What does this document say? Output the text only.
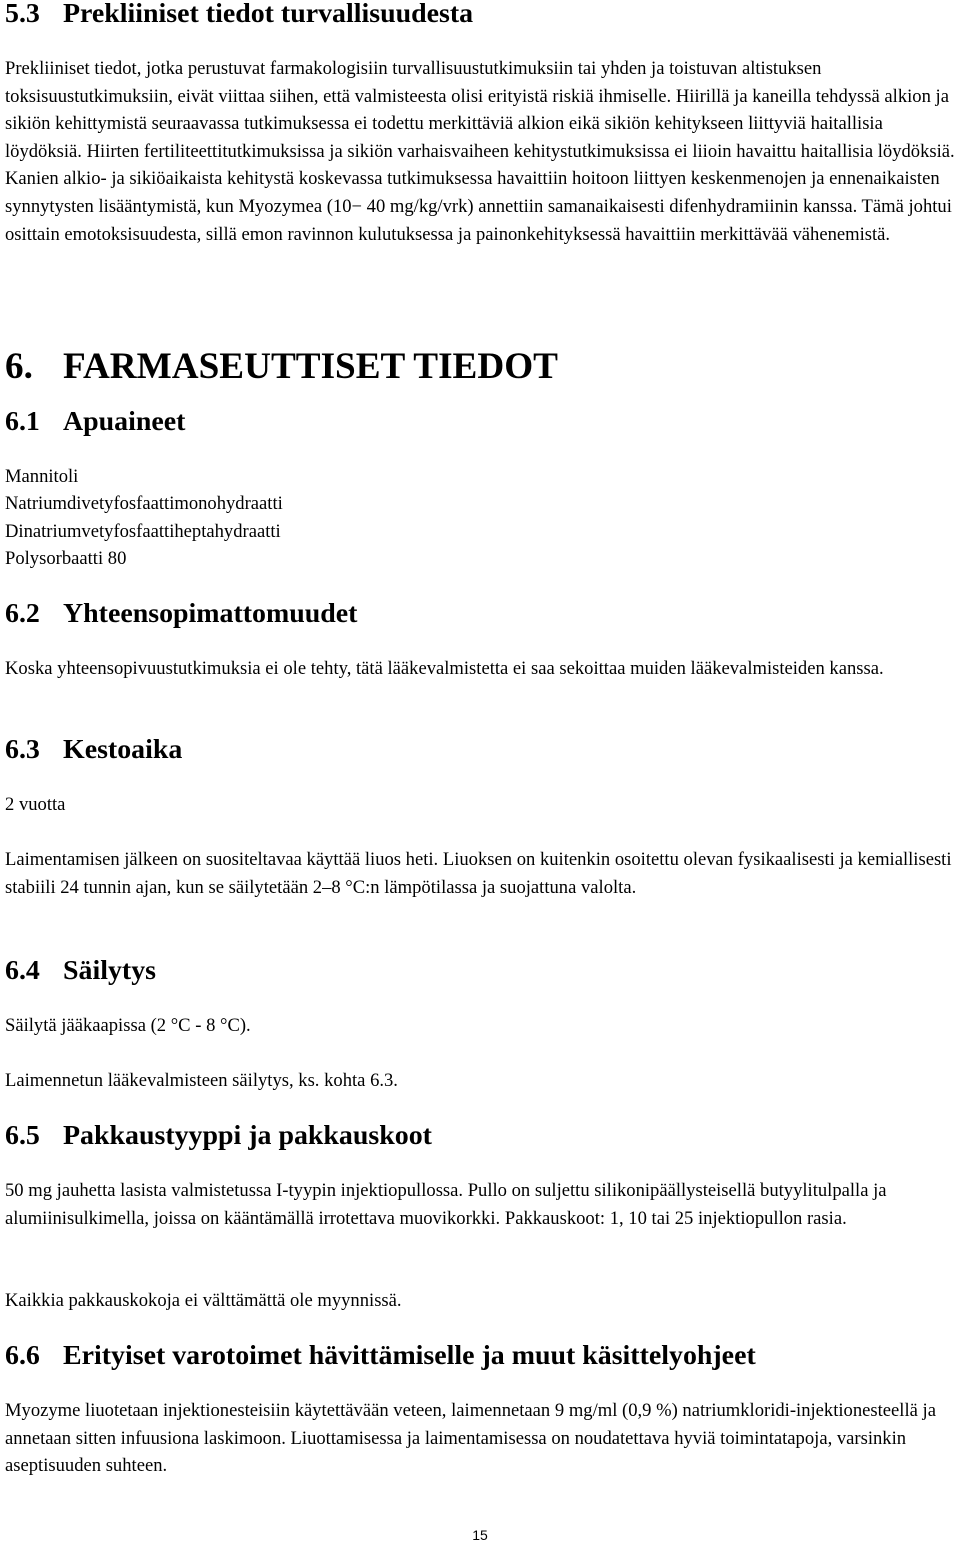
5.3 Prekliiniset tiedot turvallisuudesta

Prekliiniset tiedot, jotka perustuvat farmakologisiin turvallisuustutkimuksiin tai yhden ja toistuvan altistuksen toksisuustutkimuksiin, eivät viittaa siihen, että valmisteesta olisi erityistä riskiä ihmiselle. Hiirillä ja kaneilla tehdyssä alkion ja sikiön kehittymistä seuraavassa tutkimuksessa ei todettu merkittäviä alkion eikä sikiön kehitykseen liittyviä haitallisia löydöksiä. Hiirten fertiliteettitutkimuksissa ja sikiön varhaisvaiheen kehitystutkimuksissa ei liioin havaittu haitallisia löydöksiä. Kanien alkio- ja sikiöaikaista kehitystä koskevassa tutkimuksessa havaittiin hoitoon liittyen keskenmenojen ja ennenaikaisten synnytysten lisääntymistä, kun Myozymea (10− 40 mg/kg/vrk) annettiin samanaikaisesti difenhydramiinin kanssa. Tämä johtui osittain emotoksisuudesta, sillä emon ravinnon kulutuksessa ja painonkehityksessä havaittiin merkittävää vähenemistä.

6. FARMASEUTTISET TIEDOT
6.1 Apuaineet
Mannitoli
Natriumdivetyfosfaattimonohydraatti
Dinatriumvetyfosfaattiheptahydraatti
Polysorbaatti 80
6.2 Yhteensopimattomuudet

Koska yhteensopivuustutkimuksia ei ole tehty, tätä lääkevalmistetta ei saa sekoittaa muiden lääkevalmisteiden kanssa.

6.3 Kestoaika

2 vuotta

Laimentamisen jälkeen on suositeltavaa käyttää liuos heti. Liuoksen on kuitenkin osoitettu olevan fysikaalisesti ja kemiallisesti stabiili 24 tunnin ajan, kun se säilytetään 2–8 °C:n lämpötilassa ja suojattuna valolta.

6.4 Säilytys

Säilytä jääkaapissa (2 °C - 8 °C).

Laimennetun lääkevalmisteen säilytys, ks. kohta 6.3.

6.5 Pakkaustyyppi ja pakkauskoot

50 mg jauhetta lasista valmistetussa I-tyypin injektiopullossa. Pullo on suljettu silikonipäällysteisellä butyylitulpalla ja alumiinisulkimella, joissa on kääntämällä irrotettava muovikorkki. Pakkauskoot: 1, 10 tai 25 injektiopullon rasia.

Kaikkia pakkauskokoja ei välttämättä ole myynnissä.

6.6 Erityiset varotoimet hävittämiselle ja muut käsittelyohjeet

Myozyme liuotetaan injektionesteisiin käytettävään veteen, laimennetaan 9 mg/ml (0,9 %) natriumkloridi-injektionesteellä ja annetaan sitten infuusiona laskimoon. Liuottamisessa ja laimentamisessa on noudatettava hyviä toimintatapoja, varsinkin aseptisuuden suhteen.

15
